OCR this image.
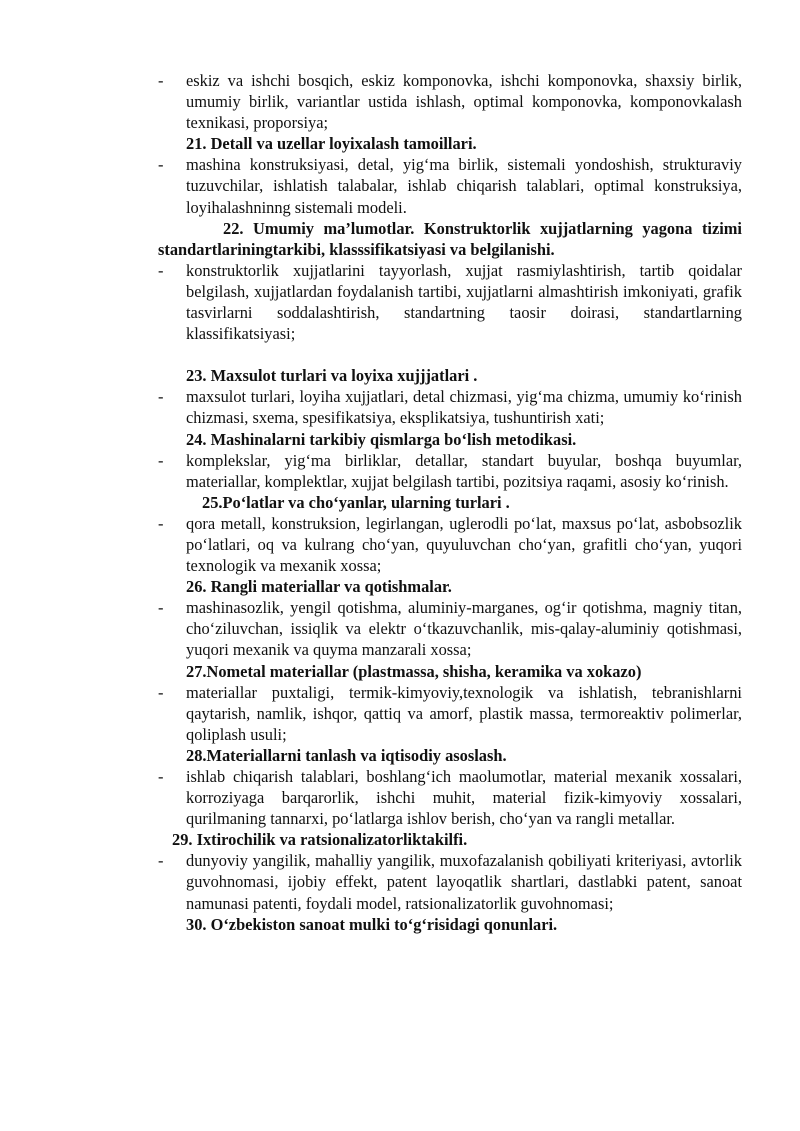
- eskiz va ishchi bosqich, eskiz komponovka, ishchi komponovka, shaxsiy birlik, umumiy birlik, variantlar ustida ishlash, optimal komponovka, komponovkalash texnikasi, proporsiya;
21. Detall va uzellar loyixalash tamoillari.
- mashina konstruksiyasi, detal, yig‘ma birlik, sistemali yondoshish, strukturaviy tuzuvchilar, ishlatish talabalar, ishlab chiqarish talablari, optimal konstruksiya, loyihalashninng sistemali modeli.
22. Umumiy ma’lumotlar. Konstruktorlik xujjatlarning yagona tizimi standartlariningtarkibi, klasssifikatsiyasi va belgilanishi.
- konstruktorlik xujjatlarini tayyorlash, xujjat rasmiylashtirish, tartib qoidalar belgilash, xujjatlardan foydalanish tartibi, xujjatlarni almashtirish imkoniyati, grafik tasvirlarni soddalashtirish, standartning taosir doirasi, standartlarning klassifikatsiyasi;
23. Maxsulot turlari va loyixa xujjjatlari .
- maxsulot turlari, loyiha xujjatlari, detal chizmasi, yig‘ma chizma, umumiy ko‘rinish chizmasi, sxema, spesifikatsiya, eksplikatsiya, tushuntirish xati;
24. Mashinalarni tarkibiy qismlarga bo‘lish metodikasi.
- komplekslar, yig‘ma birliklar, detallar, standart buyular, boshqa buyumlar, materiallar, komplektlar, xujjat belgilash tartibi, pozitsiya raqami, asosiy ko‘rinish.
25.Po‘latlar va cho‘yanlar, ularning turlari .
- qora metall, konstruksion, legirlangan, uglerodli po‘lat, maxsus po‘lat, asbobsozlik po‘latlari, oq va kulrang cho‘yan, quyuluvchan cho‘yan, grafitli cho‘yan, yuqori texnologik va mexanik xossa;
26. Rangli materiallar va qotishmalar.
- mashinasozlik, yengil qotishma, aluminiy-marganes, og‘ir qotishma, magniy titan, cho‘ziluvchan, issiqlik va elektr o‘tkazuvchanlik, mis-qalay-aluminiy qotishmasi, yuqori mexanik va quyma manzarali xossa;
27.Nometal materiallar (plastmassa, shisha, keramika va xokazo)
- materiallar puxtaligi, termik-kimyoviy,texnologik va ishlatish, tebranishlarni qaytarish, namlik, ishqor, qattiq va amorf, plastik massa, termoreaktiv polimerlar, qoliplash usuli;
28.Materiallarni tanlash va iqtisodiy asoslash.
- ishlab chiqarish talablari, boshlang‘ich maolumotlar, material mexanik xossalari, korroziyaga barqarorlik, ishchi muhit, material fizik-kimyoviy xossalari, qurilmaning tannarxi, po‘latlarga ishlov berish, cho‘yan va rangli metallar.
29. Ixtirochilik va ratsionalizatorliktakilfi.
- dunyoviy yangilik, mahalliy yangilik, muxofazalanish qobiliyati kriteriyasi, avtorlik guvohnomasi, ijobiy effekt, patent layoqatlik shartlari, dastlabki patent, sanoat namunasi patenti, foydali model, ratsionalizatorlik guvohnomasi;
30. O‘zbekiston sanoat mulki to‘g‘risidagi qonunlari.
